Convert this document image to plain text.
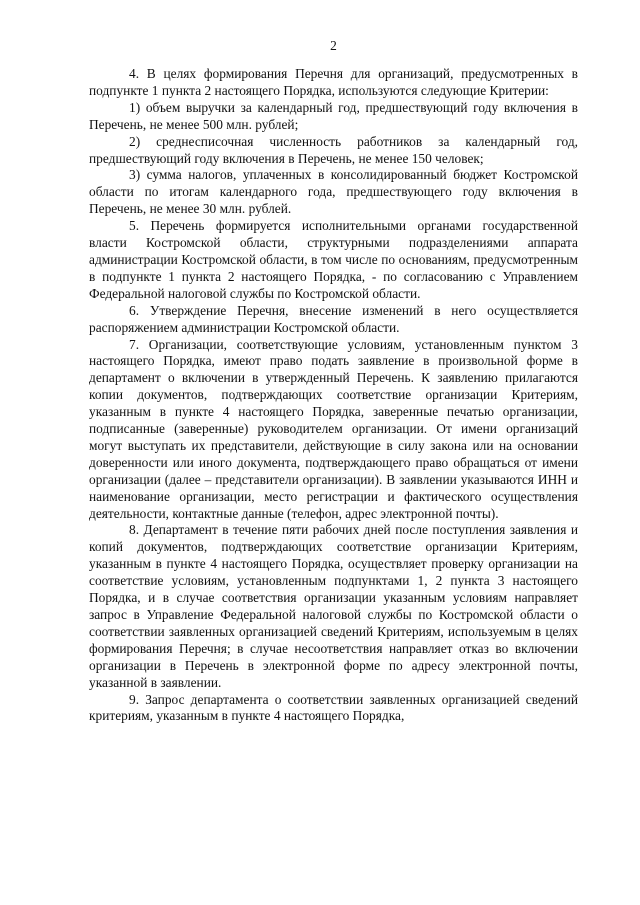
2

4. В целях формирования Перечня для организаций, предусмотренных в подпункте 1 пункта 2 настоящего Порядка, используются следующие Критерии:

1) объем выручки за календарный год, предшествующий году включения в Перечень, не менее 500 млн. рублей;

2) среднесписочная численность работников за календарный год, предшествующий году включения в Перечень, не менее 150 человек;

3) сумма налогов, уплаченных в консолидированный бюджет Костромской области по итогам календарного года, предшествующего году включения в Перечень, не менее 30 млн. рублей.

5. Перечень формируется исполнительными органами государственной власти Костромской области, структурными подразделениями аппарата администрации Костромской области, в том числе по основаниям, предусмотренным в подпункте 1 пункта 2 настоящего Порядка, - по согласованию с Управлением Федеральной налоговой службы по Костромской области.

6. Утверждение Перечня, внесение изменений в него осуществляется распоряжением администрации Костромской области.

7. Организации, соответствующие условиям, установленным пунктом 3 настоящего Порядка, имеют право подать заявление в произвольной форме в департамент о включении в утвержденный Перечень. К заявлению прилагаются копии документов, подтверждающих соответствие организации Критериям, указанным в пункте 4 настоящего Порядка, заверенные печатью организации, подписанные (заверенные) руководителем организации. От имени организаций могут выступать их представители, действующие в силу закона или на основании доверенности или иного документа, подтверждающего право обращаться от имени организации (далее – представители организации). В заявлении указываются ИНН и наименование организации, место регистрации и фактического осуществления деятельности, контактные данные (телефон, адрес электронной почты).

8. Департамент в течение пяти рабочих дней после поступления заявления и копий документов, подтверждающих соответствие организации Критериям, указанным в пункте 4 настоящего Порядка, осуществляет проверку организации на соответствие условиям, установленным подпунктами 1, 2 пункта 3 настоящего Порядка, и в случае соответствия организации указанным условиям направляет запрос в Управление Федеральной налоговой службы по Костромской области о соответствии заявленных организацией сведений Критериям, используемым в целях формирования Перечня; в случае несоответствия направляет отказ во включении организации в Перечень в электронной форме по адресу электронной почты, указанной в заявлении.

9. Запрос департамента о соответствии заявленных организацией сведений критериям, указанным в пункте 4 настоящего Порядка,
